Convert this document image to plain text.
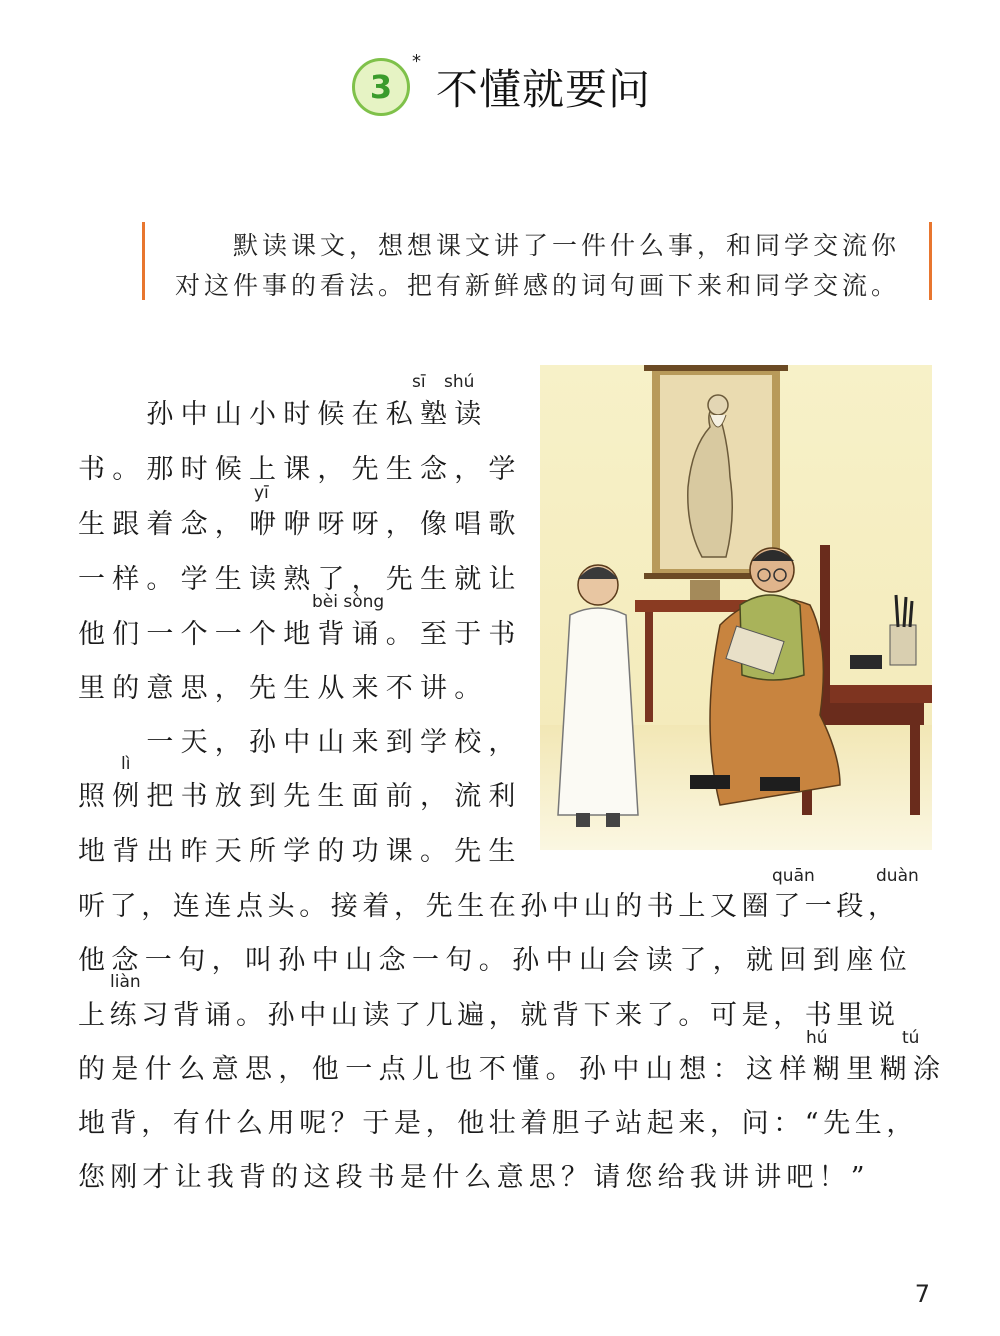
3
*
不懂就要问

默读课文，想想课文讲了一件什么事，和同学交流你

对这件事的看法。把有新鲜感的词句画下来和同学交流。

　　孙中山小时候在私塾读
书。那时候上课，先生念，学
生跟着念，咿咿呀呀，像唱歌
一样。学生读熟了，先生就让
他们一个一个地背诵。至于书
里的意思，先生从来不讲。
　　一天，孙中山来到学校，
照例把书放到先生面前，流利
地背出昨天所学的功课。先生
听了，连连点头。接着，先生在孙中山的书上又圈了一段，
他念一句，叫孙中山念一句。孙中山会读了，就回到座位
上练习背诵。孙中山读了几遍，就背下来了。可是，书里说
的是什么意思，他一点儿也不懂。孙中山想：这样糊里糊涂
地背，有什么用呢？于是，他壮着胆子站起来，问：“先生，
您刚才让我背的这段书是什么意思？请您给我讲讲吧！”
sī shú
yī
bèi sòng
lì
quān	duàn
liàn
hú	tú
7
